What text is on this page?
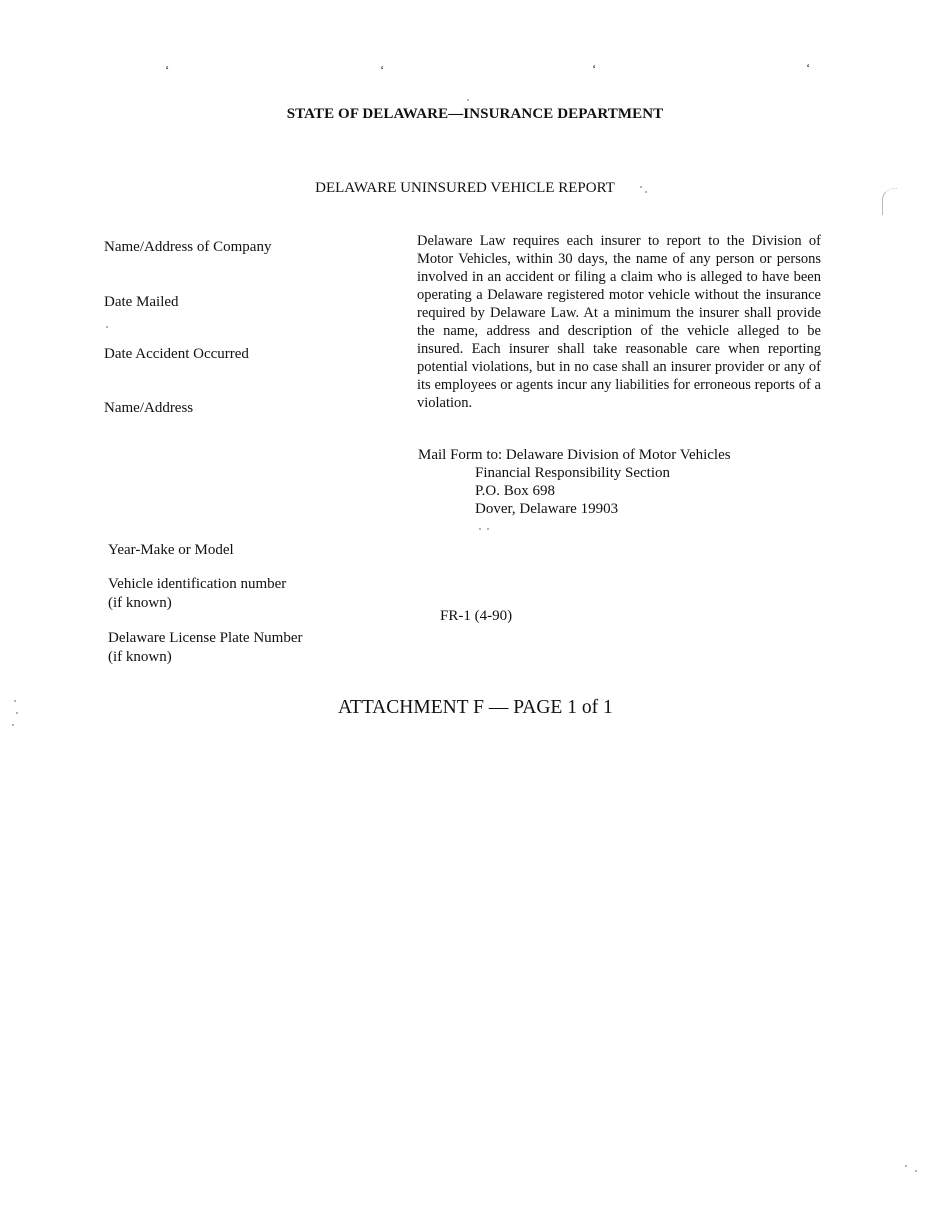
ʻ	ʻ	ʻ	ʻ
STATE OF DELAWARE—INSURANCE DEPARTMENT
DELAWARE UNINSURED VEHICLE REPORT
Name/Address of Company
Date Mailed
Date Accident Occurred
Name/Address
Year-Make or Model
Vehicle identification number
(if known)
Delaware License Plate Number
(if known)
Delaware Law requires each insurer to report to the Division of Motor Vehicles, within 30 days, the name of any person or persons involved in an accident or filing a claim who is alleged to have been operating a Delaware registered motor vehicle without the insurance required by Delaware Law. At a minimum the insurer shall provide the name, address and description of the vehicle alleged to be insured. Each insurer shall take reasonable care when reporting potential violations, but in no case shall an insurer provider or any of its employees or agents incur any liabilities for erroneous reports of a violation.
Mail Form to: Delaware Division of Motor Vehicles
Financial Responsibility Section
P.O. Box 698
Dover, Delaware 19903
FR-1 (4-90)
ATTACHMENT F — PAGE 1 of 1
